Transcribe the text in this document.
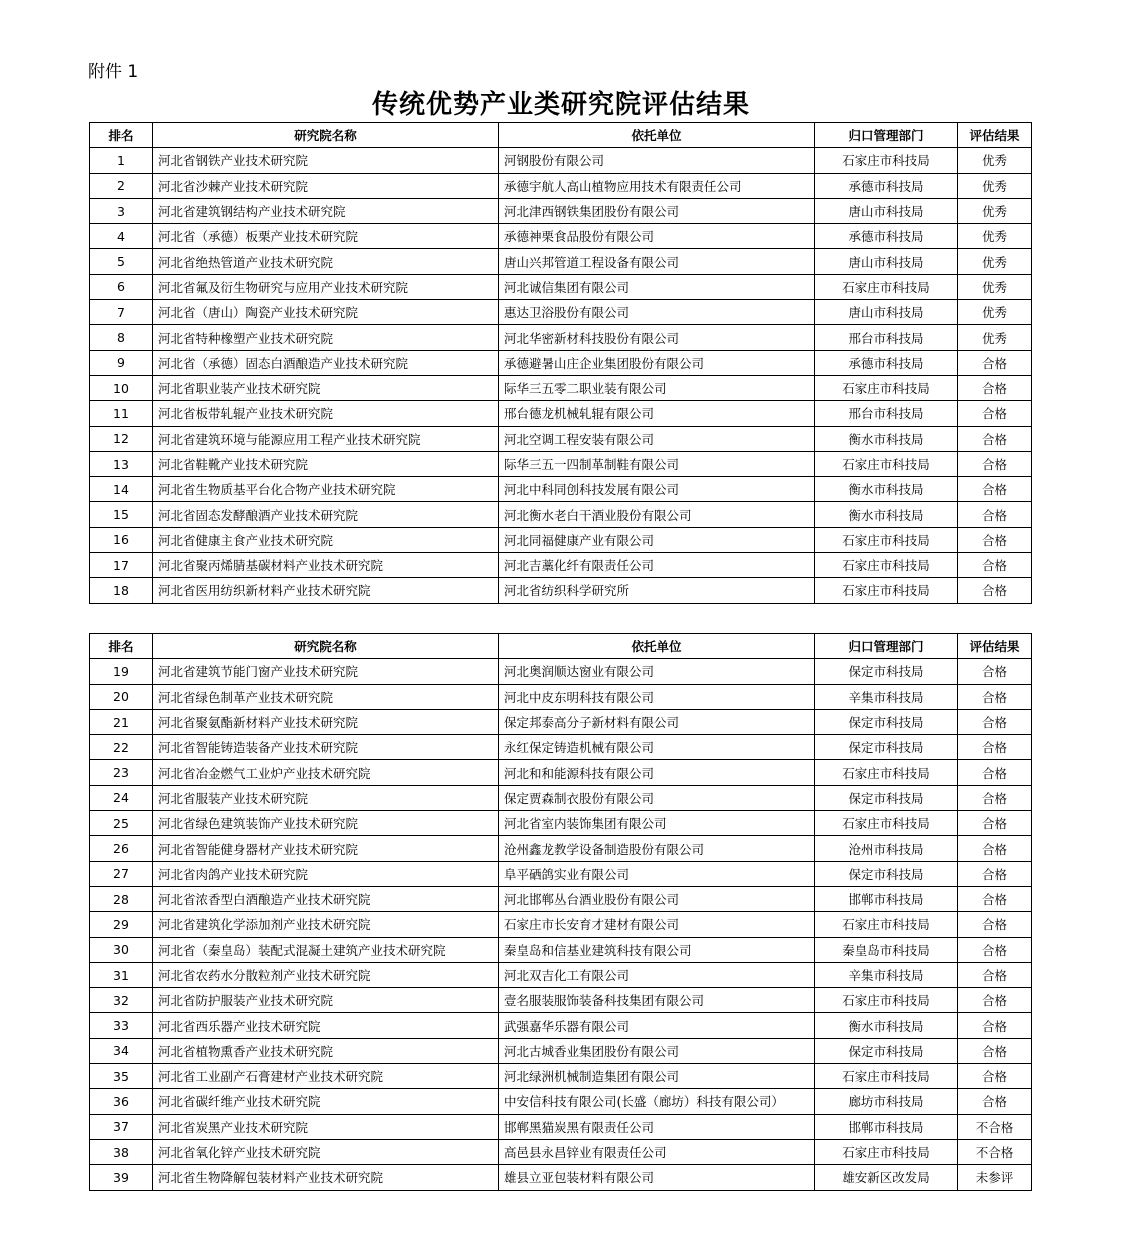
附件 1
传统优势产业类研究院评估结果
排名	研究院名称	依托单位	归口管理部门	评估结果
1	河北省钢铁产业技术研究院	河钢股份有限公司	石家庄市科技局	优秀
2	河北省沙棘产业技术研究院	承德宇航人高山植物应用技术有限责任公司	承德市科技局	优秀
3	河北省建筑钢结构产业技术研究院	河北津西钢铁集团股份有限公司	唐山市科技局	优秀
4	河北省（承德）板栗产业技术研究院	承德神栗食品股份有限公司	承德市科技局	优秀
5	河北省绝热管道产业技术研究院	唐山兴邦管道工程设备有限公司	唐山市科技局	优秀
6	河北省氟及衍生物研究与应用产业技术研究院	河北诚信集团有限公司	石家庄市科技局	优秀
7	河北省（唐山）陶瓷产业技术研究院	惠达卫浴股份有限公司	唐山市科技局	优秀
8	河北省特种橡塑产业技术研究院	河北华密新材科技股份有限公司	邢台市科技局	优秀
9	河北省（承德）固态白酒酿造产业技术研究院	承德避暑山庄企业集团股份有限公司	承德市科技局	合格
10	河北省职业装产业技术研究院	际华三五零二职业装有限公司	石家庄市科技局	合格
11	河北省板带轧辊产业技术研究院	邢台德龙机械轧辊有限公司	邢台市科技局	合格
12	河北省建筑环境与能源应用工程产业技术研究院	河北空调工程安装有限公司	衡水市科技局	合格
13	河北省鞋靴产业技术研究院	际华三五一四制革制鞋有限公司	石家庄市科技局	合格
14	河北省生物质基平台化合物产业技术研究院	河北中科同创科技发展有限公司	衡水市科技局	合格
15	河北省固态发酵酿酒产业技术研究院	河北衡水老白干酒业股份有限公司	衡水市科技局	合格
16	河北省健康主食产业技术研究院	河北同福健康产业有限公司	石家庄市科技局	合格
17	河北省聚丙烯腈基碳材料产业技术研究院	河北吉藁化纤有限责任公司	石家庄市科技局	合格
18	河北省医用纺织新材料产业技术研究院	河北省纺织科学研究所	石家庄市科技局	合格
排名	研究院名称	依托单位	归口管理部门	评估结果
19	河北省建筑节能门窗产业技术研究院	河北奥润顺达窗业有限公司	保定市科技局	合格
20	河北省绿色制革产业技术研究院	河北中皮东明科技有限公司	辛集市科技局	合格
21	河北省聚氨酯新材料产业技术研究院	保定邦泰高分子新材料有限公司	保定市科技局	合格
22	河北省智能铸造装备产业技术研究院	永红保定铸造机械有限公司	保定市科技局	合格
23	河北省冶金燃气工业炉产业技术研究院	河北和和能源科技有限公司	石家庄市科技局	合格
24	河北省服装产业技术研究院	保定贾森制衣股份有限公司	保定市科技局	合格
25	河北省绿色建筑装饰产业技术研究院	河北省室内装饰集团有限公司	石家庄市科技局	合格
26	河北省智能健身器材产业技术研究院	沧州鑫龙教学设备制造股份有限公司	沧州市科技局	合格
27	河北省肉鸽产业技术研究院	阜平硒鸽实业有限公司	保定市科技局	合格
28	河北省浓香型白酒酿造产业技术研究院	河北邯郸丛台酒业股份有限公司	邯郸市科技局	合格
29	河北省建筑化学添加剂产业技术研究院	石家庄市长安育才建材有限公司	石家庄市科技局	合格
30	河北省（秦皇岛）装配式混凝土建筑产业技术研究院	秦皇岛和信基业建筑科技有限公司	秦皇岛市科技局	合格
31	河北省农药水分散粒剂产业技术研究院	河北双吉化工有限公司	辛集市科技局	合格
32	河北省防护服装产业技术研究院	壹名服装服饰装备科技集团有限公司	石家庄市科技局	合格
33	河北省西乐器产业技术研究院	武强嘉华乐器有限公司	衡水市科技局	合格
34	河北省植物熏香产业技术研究院	河北古城香业集团股份有限公司	保定市科技局	合格
35	河北省工业副产石膏建材产业技术研究院	河北绿洲机械制造集团有限公司	石家庄市科技局	合格
36	河北省碳纤维产业技术研究院	中安信科技有限公司(长盛（廊坊）科技有限公司）	廊坊市科技局	合格
37	河北省炭黑产业技术研究院	邯郸黑猫炭黑有限责任公司	邯郸市科技局	不合格
38	河北省氧化锌产业技术研究院	高邑县永昌锌业有限责任公司	石家庄市科技局	不合格
39	河北省生物降解包装材料产业技术研究院	雄县立亚包装材料有限公司	雄安新区改发局	未参评
